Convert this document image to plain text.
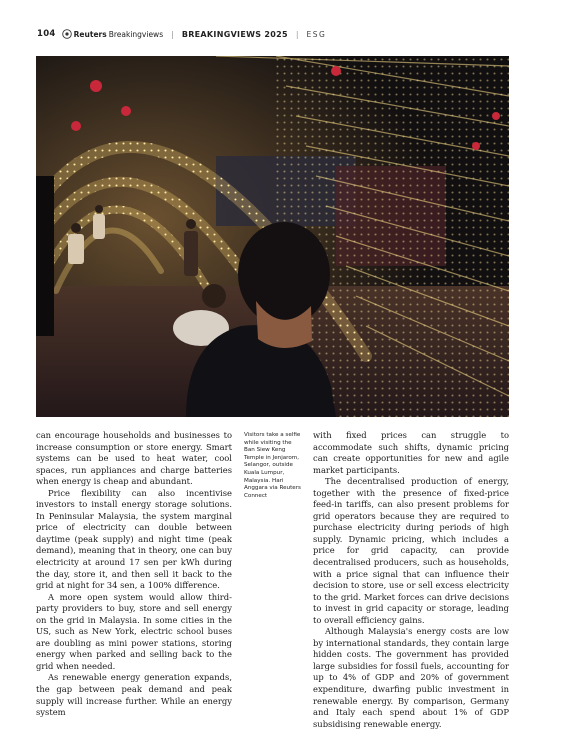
104 Reuters Breakingviews | BREAKINGVIEWS 2025 | ESG

can encourage households and businesses to increase consumption or store energy. Smart systems can be used to heat water, cool spaces, run appliances and charge batteries when energy is cheap and abundant.

Price flexibility can also incentivise investors to install energy storage solutions. In Peninsular Malaysia, the system marginal price of electricity can double between daytime (peak supply) and night time (peak demand), meaning that in theory, one can buy electricity at around 17 sen per kWh during the day, store it, and then sell it back to the grid at night for 34 sen, a 100% difference.

A more open system would allow third-party providers to buy, store and sell energy on the grid in Malaysia. In some cities in the US, such as New York, electric school buses are doubling as mini power stations, storing energy when parked and selling back to the grid when needed.

As renewable energy generation expands, the gap between peak demand and peak supply will increase further. While an energy system

Visitors take a selfie while visiting the Ban Siew Keng Temple in Jenjarom, Selangor, outside Kuala Lumpur, Malaysia. Hari Anggara via Reuters Connect

with fixed prices can struggle to accommodate such shifts, dynamic pricing can create opportunities for new and agile market participants.

The decentralised production of energy, together with the presence of fixed-price feed-in tariffs, can also present problems for grid operators because they are required to purchase electricity during periods of high supply. Dynamic pricing, which includes a price for grid capacity, can provide decentralised producers, such as households, with a price signal that can influence their decision to store, use or sell excess electricity to the grid. Market forces can drive decisions to invest in grid capacity or storage, leading to overall efficiency gains.

Although Malaysia's energy costs are low by international standards, they contain large hidden costs. The government has provided large subsidies for fossil fuels, accounting for up to 4% of GDP and 20% of government expenditure, dwarfing public investment in renewable energy. By comparison, Germany and Italy each spend about 1% of GDP subsidising renewable energy.
